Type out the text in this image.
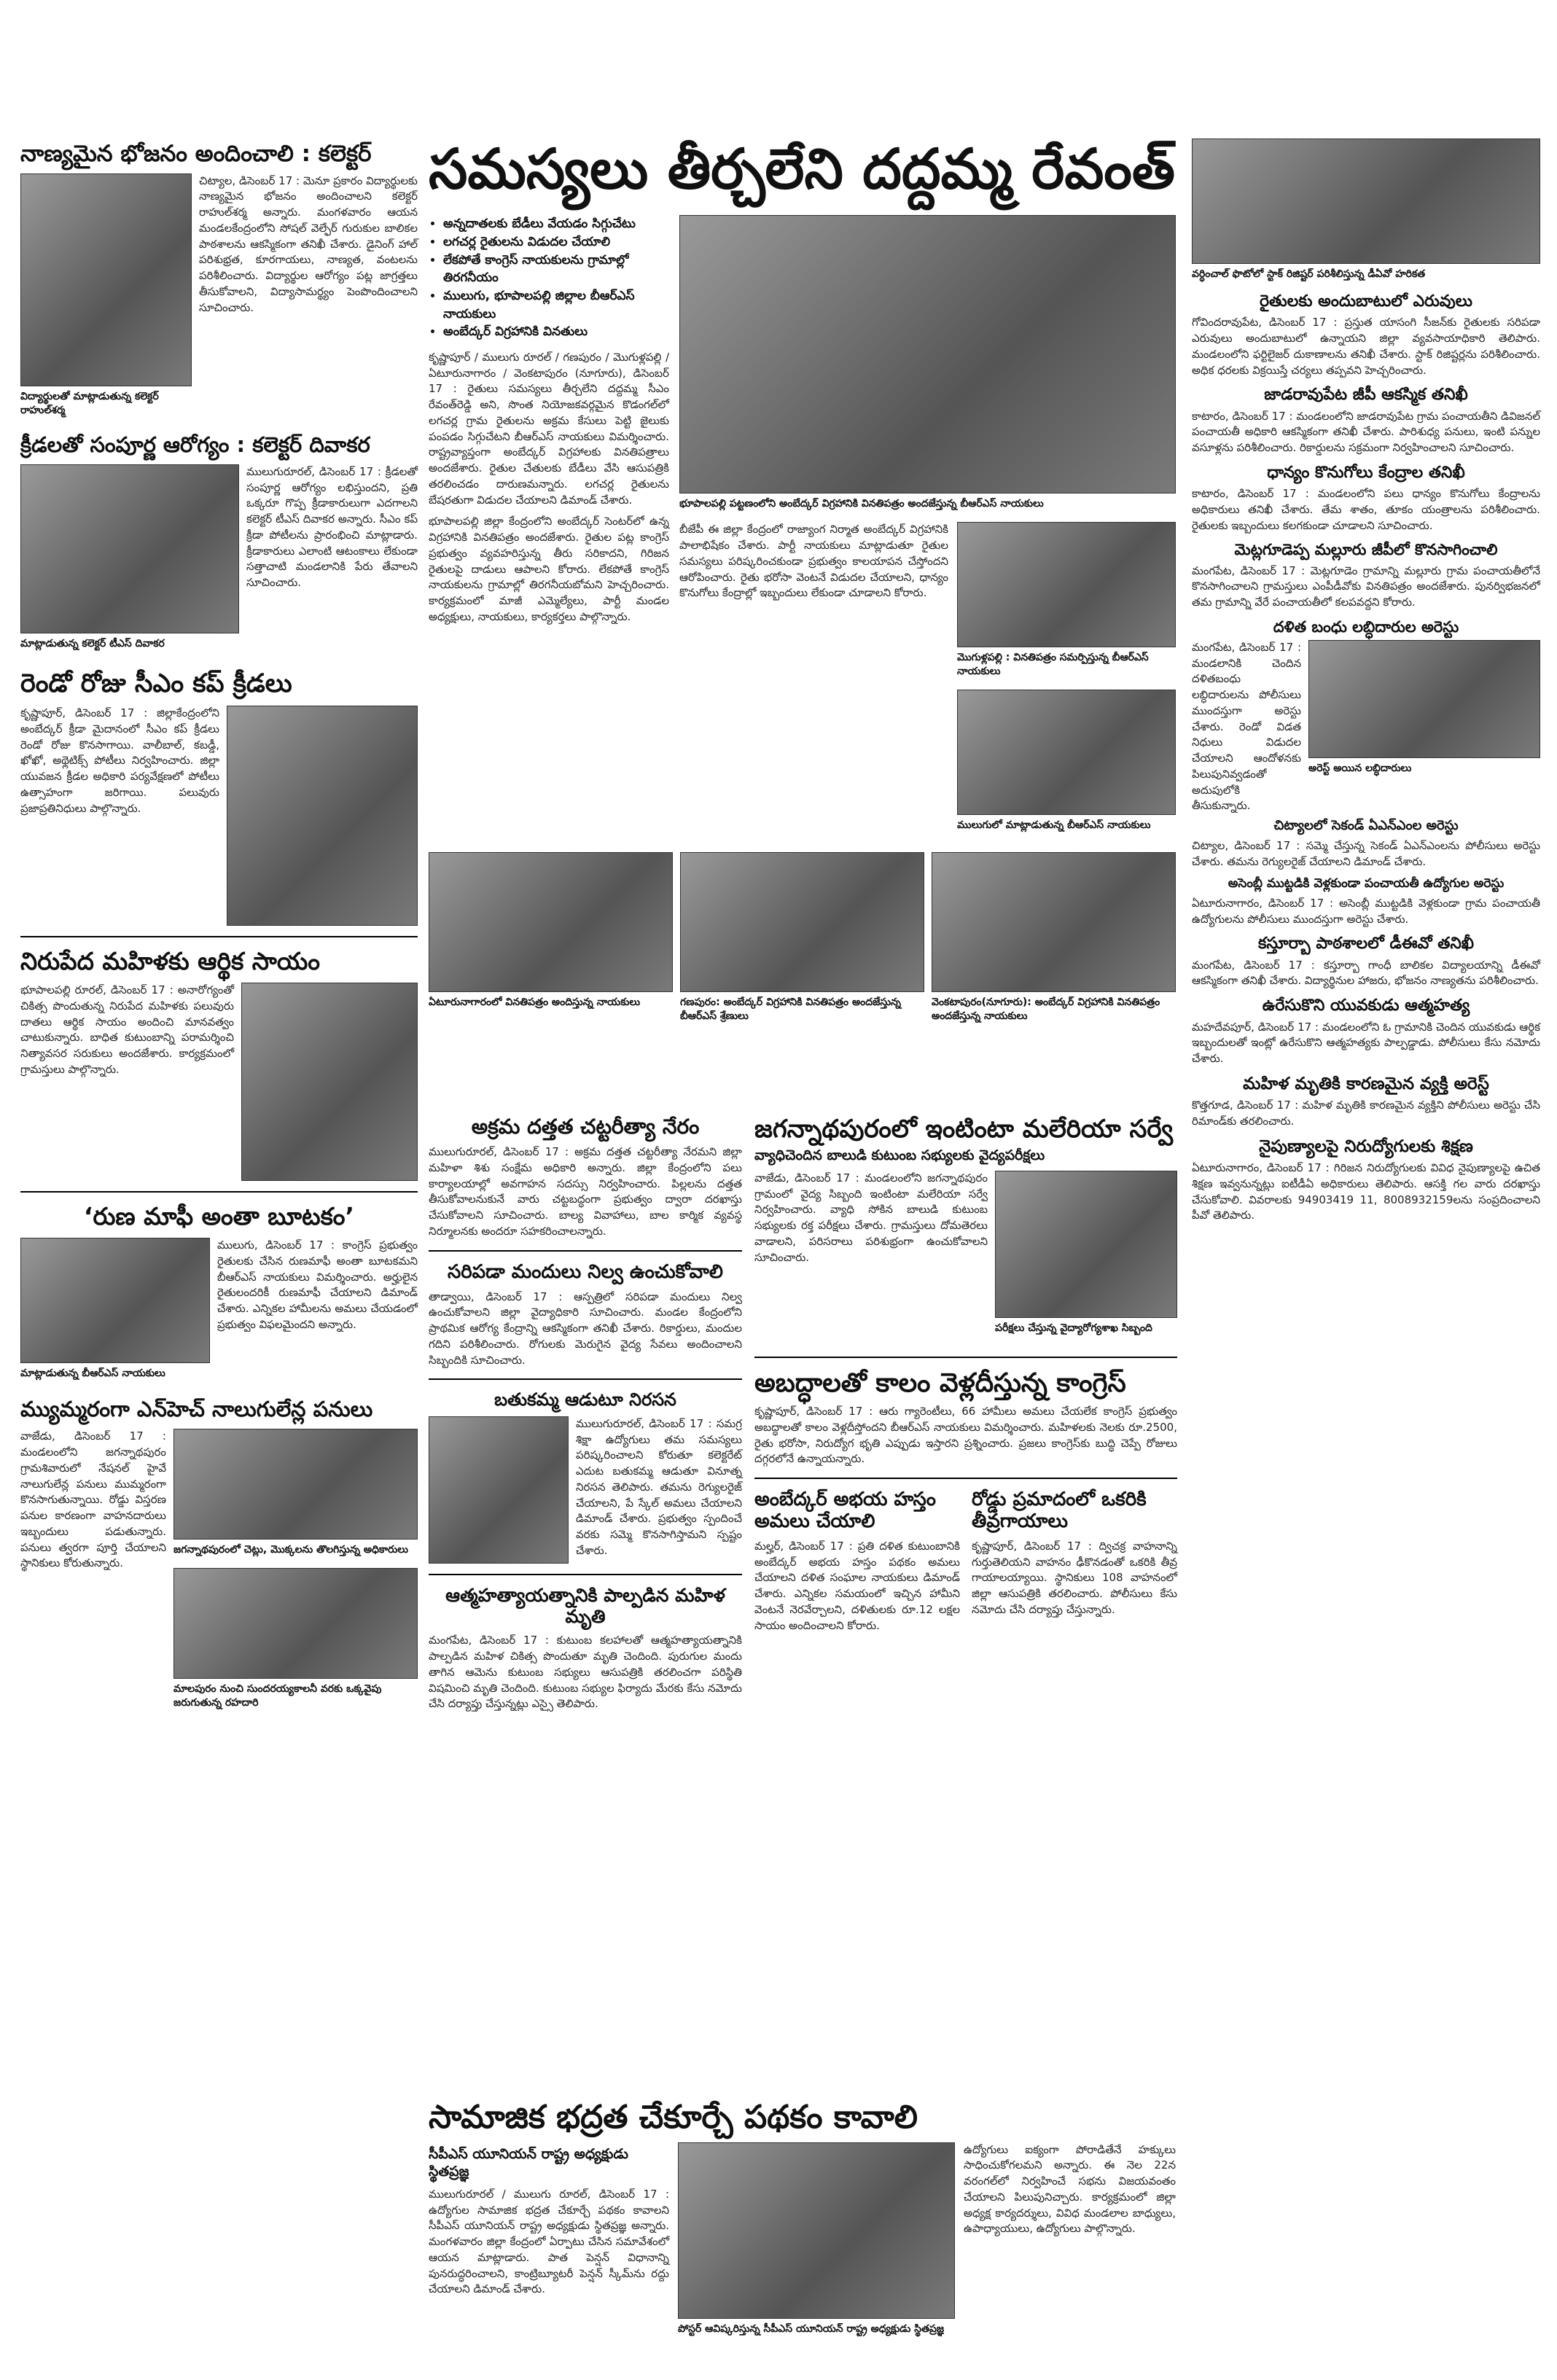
నాణ్యమైన భోజనం అందించాలి : కలెక్టర్
విద్యార్థులతో మాట్లాడుతున్న కలెక్టర్ రాహుల్‌శర్మ

చిట్యాల, డిసెంబర్ 17 : మెనూ ప్రకారం విద్యార్థులకు నాణ్యమైన భోజనం అందించాలని కలెక్టర్ రాహుల్‌శర్మ అన్నారు. మంగళవారం ఆయన మండలకేంద్రంలోని సోషల్ వెల్ఫేర్ గురుకుల బాలికల పాఠశాలను ఆకస్మికంగా తనిఖీ చేశారు. డైనింగ్ హాల్ పరిశుభ్రత, కూరగాయలు, నాణ్యత, వంటలను పరిశీలించారు. విద్యార్థుల ఆరోగ్యం పట్ల జాగ్రత్తలు తీసుకోవాలని, విద్యాసామర్థ్యం పెంపొందించాలని సూచించారు.

క్రీడలతో సంపూర్ణ ఆరోగ్యం : కలెక్టర్ దివాకర
మాట్లాడుతున్న కలెక్టర్ టీఎస్ దివాకర

ములుగురూరల్, డిసెంబర్ 17 : క్రీడలతో సంపూర్ణ ఆరోగ్యం లభిస్తుందని, ప్రతి ఒక్కరూ గొప్ప క్రీడాకారులుగా ఎదగాలని కలెక్టర్ టీఎస్ దివాకర అన్నారు. సీఎం కప్ క్రీడా పోటీలను ప్రారంభించి మాట్లాడారు. క్రీడాకారులు ఎలాంటి ఆటంకాలు లేకుండా సత్తాచాటి మండలానికి పేరు తేవాలని సూచించారు.

రెండో రోజు సీఎం కప్ క్రీడలు

కృష్ణాపూర్, డిసెంబర్ 17 : జిల్లాకేంద్రంలోని అంబేద్కర్ క్రీడా మైదానంలో సీఎం కప్ క్రీడలు రెండో రోజు కొనసాగాయి. వాలీబాల్, కబడ్డీ, ఖోఖో, అథ్లెటిక్స్ పోటీలు నిర్వహించారు. జిల్లా యువజన క్రీడల అధికారి పర్యవేక్షణలో పోటీలు ఉత్సాహంగా జరిగాయి. పలువురు ప్రజాప్రతినిధులు పాల్గొన్నారు.

నిరుపేద మహిళకు ఆర్థిక సాయం

భూపాలపల్లి రూరల్, డిసెంబర్ 17 : అనారోగ్యంతో చికిత్స పొందుతున్న నిరుపేద మహిళకు పలువురు దాతలు ఆర్థిక సాయం అందించి మానవత్వం చాటుకున్నారు. బాధిత కుటుంబాన్ని పరామర్శించి నిత్యావసర సరుకులు అందజేశారు. కార్యక్రమంలో గ్రామస్తులు పాల్గొన్నారు.

‘రుణ మాఫీ అంతా బూటకం’
మాట్లాడుతున్న బీఆర్ఎస్ నాయకులు

ములుగు, డిసెంబర్ 17 : కాంగ్రెస్ ప్రభుత్వం రైతులకు చేసిన రుణమాఫీ అంతా బూటకమని బీఆర్ఎస్ నాయకులు విమర్శించారు. అర్హులైన రైతులందరికీ రుణమాఫీ చేయాలని డిమాండ్ చేశారు. ఎన్నికల హామీలను అమలు చేయడంలో ప్రభుత్వం విఫలమైందని అన్నారు.

మ్యుమ్మరంగా ఎన్‌హెచ్ నాలుగులేన్ల పనులు

వాజేడు, డిసెంబర్ 17 : మండలంలోని జగన్నాథపురం గ్రామశివారులో నేషనల్ హైవే నాలుగులేన్ల పనులు ముమ్మరంగా కొనసాగుతున్నాయి. రోడ్డు విస్తరణ పనుల కారణంగా వాహనదారులు ఇబ్బందులు పడుతున్నారు. పనులు త్వరగా పూర్తి చేయాలని స్థానికులు కోరుతున్నారు.

జగన్నాథపురంలో చెట్లు, మొక్కలను తొలగిస్తున్న అధికారులు
మాలపురం నుంచి సుందరయ్యకాలనీ వరకు ఒక్కవైపు జరుగుతున్న రహదారి
సమస్యలు తీర్చలేని దద్దమ్మ రేవంత్
• అన్నదాతలకు బేడీలు వేయడం సిగ్గుచేటు
• లగచర్ల రైతులను విడుదల చేయాలి
• లేకపోతే కాంగ్రెస్ నాయకులను గ్రామాల్లో తిరగనీయం
• ములుగు, భూపాలపల్లి జిల్లాల బీఆర్ఎస్ నాయకులు
• అంబేద్కర్ విగ్రహానికి వినతులు

కృష్ణాపూర్ / ములుగు రూరల్ / గణపురం / మొగుళ్లపల్లి / ఏటూరునాగారం / వెంకటాపురం (నూగూరు), డిసెంబర్ 17 : రైతులు సమస్యలు తీర్చలేని దద్దమ్మ సీఎం రేవంత్‌రెడ్డి అని, సొంత నియోజకవర్గమైన కొడంగల్‌లో లగచర్ల గ్రామ రైతులను అక్రమ కేసులు పెట్టి జైలుకు పంపడం సిగ్గుచేటని బీఆర్ఎస్ నాయకులు విమర్శించారు. రాష్ట్రవ్యాప్తంగా అంబేద్కర్ విగ్రహాలకు వినతిపత్రాలు అందజేశారు. రైతుల చేతులకు బేడీలు వేసి ఆసుపత్రికి తరలించడం దారుణమన్నారు. లగచర్ల రైతులను బేషరతుగా విడుదల చేయాలని డిమాండ్ చేశారు.

భూపాలపల్లి జిల్లా కేంద్రంలోని అంబేద్కర్ సెంటర్‌లో ఉన్న విగ్రహానికి వినతిపత్రం అందజేశారు. రైతుల పట్ల కాంగ్రెస్ ప్రభుత్వం వ్యవహరిస్తున్న తీరు సరికాదని, గిరిజన రైతులపై దాడులు ఆపాలని కోరారు. లేకపోతే కాంగ్రెస్ నాయకులను గ్రామాల్లో తిరగనీయబోమని హెచ్చరించారు. కార్యక్రమంలో మాజీ ఎమ్మెల్యేలు, పార్టీ మండల అధ్యక్షులు, నాయకులు, కార్యకర్తలు పాల్గొన్నారు.

భూపాలపల్లి పట్టణంలోని అంబేద్కర్ విగ్రహానికి వినతిపత్రం అందజేస్తున్న బీఆర్ఎస్ నాయకులు

బీజేపీ ఈ జిల్లా కేంద్రంలో రాజ్యాంగ నిర్మాత అంబేద్కర్ విగ్రహానికి పాలాభిషేకం చేశారు. పార్టీ నాయకులు మాట్లాడుతూ రైతుల సమస్యలు పరిష్కరించకుండా ప్రభుత్వం కాలయాపన చేస్తోందని ఆరోపించారు. రైతు భరోసా వెంటనే విడుదల చేయాలని, ధాన్యం కొనుగోలు కేంద్రాల్లో ఇబ్బందులు లేకుండా చూడాలని కోరారు.

మొగుళ్లపల్లి : వినతిపత్రం సమర్పిస్తున్న బీఆర్ఎస్ నాయకులు
ములుగులో మాట్లాడుతున్న బీఆర్ఎస్ నాయకులు
ఏటూరునాగారంలో వినతిపత్రం అందిస్తున్న నాయకులు	గణపురం: అంబేద్కర్ విగ్రహానికి వినతిపత్రం అందజేస్తున్న బీఆర్ఎస్ శ్రేణులు
వెంకటాపురం(నూగూరు): అంబేద్కర్ విగ్రహానికి వినతిపత్రం అందజేస్తున్న నాయకులు
అక్రమ దత్తత చట్టరీత్యా నేరం

ములుగురూరల్, డిసెంబర్ 17 : అక్రమ దత్తత చట్టరీత్యా నేరమని జిల్లా మహిళా శిశు సంక్షేమ అధికారి అన్నారు. జిల్లా కేంద్రంలోని పలు కార్యాలయాల్లో అవగాహన సదస్సు నిర్వహించారు. పిల్లలను దత్తత తీసుకోవాలనుకునే వారు చట్టబద్ధంగా ప్రభుత్వం ద్వారా దరఖాస్తు చేసుకోవాలని సూచించారు. బాల్య వివాహాలు, బాల కార్మిక వ్యవస్థ నిర్మూలనకు అందరూ సహకరించాలన్నారు.

సరిపడా మందులు నిల్వ ఉంచుకోవాలి

తాడ్వాయి, డిసెంబర్ 17 : ఆస్పత్రిలో సరిపడా మందులు నిల్వ ఉంచుకోవాలని జిల్లా వైద్యాధికారి సూచించారు. మండల కేంద్రంలోని ప్రాథమిక ఆరోగ్య కేంద్రాన్ని ఆకస్మికంగా తనిఖీ చేశారు. రికార్డులు, మందుల గదిని పరిశీలించారు. రోగులకు మెరుగైన వైద్య సేవలు అందించాలని సిబ్బందికి సూచించారు.

బతుకమ్మ ఆడుటూ నిరసన

ములుగురూరల్, డిసెంబర్ 17 : సమగ్ర శిక్షా ఉద్యోగులు తమ సమస్యలు పరిష్కరించాలని కోరుతూ కలెక్టరేట్ ఎదుట బతుకమ్మ ఆడుతూ వినూత్న నిరసన తెలిపారు. తమను రెగ్యులరైజ్ చేయాలని, పే స్కేల్ అమలు చేయాలని డిమాండ్ చేశారు. ప్రభుత్వం స్పందించే వరకు సమ్మె కొనసాగిస్తామని స్పష్టం చేశారు.

ఆత్మహత్యాయత్నానికి పాల్పడిన మహిళ మృతి

మంగపేట, డిసెంబర్ 17 : కుటుంబ కలహాలతో ఆత్మహత్యాయత్నానికి పాల్పడిన మహిళ చికిత్స పొందుతూ మృతి చెందింది. పురుగుల మందు తాగిన ఆమెను కుటుంబ సభ్యులు ఆసుపత్రికి తరలించగా పరిస్థితి విషమించి మృతి చెందింది. కుటుంబ సభ్యుల ఫిర్యాదు మేరకు కేసు నమోదు చేసి దర్యాప్తు చేస్తున్నట్లు ఎస్సై తెలిపారు.

జగన్నాథపురంలో ఇంటింటా మలేరియా సర్వే
వ్యాధిచెందిన బాలుడి కుటుంబ సభ్యులకు వైద్యపరీక్షలు

వాజేడు, డిసెంబర్ 17 : మండలంలోని జగన్నాథపురం గ్రామంలో వైద్య సిబ్బంది ఇంటింటా మలేరియా సర్వే నిర్వహించారు. వ్యాధి సోకిన బాలుడి కుటుంబ సభ్యులకు రక్త పరీక్షలు చేశారు. గ్రామస్తులు దోమతెరలు వాడాలని, పరిసరాలు పరిశుభ్రంగా ఉంచుకోవాలని సూచించారు.

పరీక్షలు చేస్తున్న వైద్యారోగ్యశాఖ సిబ్బంది
అబద్ధాలతో కాలం వెళ్లదీస్తున్న కాంగ్రెస్

కృష్ణాపూర్, డిసెంబర్ 17 : ఆరు గ్యారెంటీలు, 66 హామీలు అమలు చేయలేక కాంగ్రెస్ ప్రభుత్వం అబద్ధాలతో కాలం వెళ్లదీస్తోందని బీఆర్ఎస్ నాయకులు విమర్శించారు. మహిళలకు నెలకు రూ.2500, రైతు భరోసా, నిరుద్యోగ భృతి ఎప్పుడు ఇస్తారని ప్రశ్నించారు. ప్రజలు కాంగ్రెస్‌కు బుద్ధి చెప్పే రోజులు దగ్గరలోనే ఉన్నాయన్నారు.

అంబేద్కర్ అభయ హస్తం అమలు చేయాలి

మల్హర్, డిసెంబర్ 17 : ప్రతి దళిత కుటుంబానికి అంబేద్కర్ అభయ హస్తం పథకం అమలు చేయాలని దళిత సంఘాల నాయకులు డిమాండ్ చేశారు. ఎన్నికల సమయంలో ఇచ్చిన హామీని వెంటనే నెరవేర్చాలని, దళితులకు రూ.12 లక్షల సాయం అందించాలని కోరారు.

రోడ్డు ప్రమాదంలో ఒకరికి తీవ్రగాయాలు

కృష్ణాపూర్, డిసెంబర్ 17 : ద్విచక్ర వాహనాన్ని గుర్తుతెలియని వాహనం ఢీకొనడంతో ఒకరికి తీవ్ర గాయాలయ్యాయి. స్థానికులు 108 వాహనంలో జిల్లా ఆసుపత్రికి తరలించారు. పోలీసులు కేసు నమోదు చేసి దర్యాప్తు చేస్తున్నారు.

వర్ధించాల్ ఫొటోలో స్టాక్ రిజిష్టర్ పరిశీలిస్తున్న డీఏవో హరికత
రైతులకు అందుబాటులో ఎరువులు

గోవిందరావుపేట, డిసెంబర్ 17 : ప్రస్తుత యాసంగి సీజన్‌కు రైతులకు సరిపడా ఎరువులు అందుబాటులో ఉన్నాయని జిల్లా వ్యవసాయాధికారి తెలిపారు. మండలంలోని ఫర్టిలైజర్ దుకాణాలను తనిఖీ చేశారు. స్టాక్ రిజిష్టర్లను పరిశీలించారు. అధిక ధరలకు విక్రయిస్తే చర్యలు తప్పవని హెచ్చరించారు.

జాడరావుపేట జీపీ ఆకస్మిక తనిఖీ

కాటారం, డిసెంబర్ 17 : మండలంలోని జాడరావుపేట గ్రామ పంచాయతీని డివిజనల్ పంచాయతీ అధికారి ఆకస్మికంగా తనిఖీ చేశారు. పారిశుధ్య పనులు, ఇంటి పన్నుల వసూళ్లను పరిశీలించారు. రికార్డులను సక్రమంగా నిర్వహించాలని సూచించారు.

ధాన్యం కొనుగోలు కేంద్రాల తనిఖీ

కాటారం, డిసెంబర్ 17 : మండలంలోని పలు ధాన్యం కొనుగోలు కేంద్రాలను అధికారులు తనిఖీ చేశారు. తేమ శాతం, తూకం యంత్రాలను పరిశీలించారు. రైతులకు ఇబ్బందులు కలగకుండా చూడాలని సూచించారు.

మెట్లగూడెప్ప మల్లూరు జీపీలో కొనసాగించాలి

మంగపేట, డిసెంబర్ 17 : మెట్లగూడెం గ్రామాన్ని మల్లూరు గ్రామ పంచాయతీలోనే కొనసాగించాలని గ్రామస్తులు ఎంపీడీవోకు వినతిపత్రం అందజేశారు. పునర్విభజనలో తమ గ్రామాన్ని వేరే పంచాయతీలో కలపవద్దని కోరారు.

దళిత బంధు లబ్ధిదారుల అరెస్టు

మంగపేట, డిసెంబర్ 17 : మండలానికి చెందిన దళితబంధు లబ్ధిదారులను పోలీసులు ముందస్తుగా అరెస్టు చేశారు. రెండో విడత నిధులు విడుదల చేయాలని ఆందోళనకు పిలుపునివ్వడంతో అదుపులోకి తీసుకున్నారు.

అరెస్ట్ అయిన లబ్ధిదారులు
చిట్యాలలో సెకండ్ ఏఎన్ఎంల అరెస్టు

చిట్యాల, డిసెంబర్ 17 : సమ్మె చేస్తున్న సెకండ్ ఏఎన్ఎంలను పోలీసులు అరెస్టు చేశారు. తమను రెగ్యులరైజ్ చేయాలని డిమాండ్ చేశారు.

అసెంబ్లీ ముట్టడికి వెళ్లకుండా పంచాయతీ ఉద్యోగుల అరెస్టు

ఏటూరునాగారం, డిసెంబర్ 17 : అసెంబ్లీ ముట్టడికి వెళ్లకుండా గ్రామ పంచాయతీ ఉద్యోగులను పోలీసులు ముందస్తుగా అరెస్టు చేశారు.

కస్తూర్బా పాఠశాలలో డీఈవో తనిఖీ

మంగపేట, డిసెంబర్ 17 : కస్తూర్బా గాంధీ బాలికల విద్యాలయాన్ని డీఈవో ఆకస్మికంగా తనిఖీ చేశారు. విద్యార్థినుల హాజరు, భోజనం నాణ్యతను పరిశీలించారు.

ఉరేసుకొని యువకుడు ఆత్మహత్య

మహదేవపూర్, డిసెంబర్ 17 : మండలంలోని ఓ గ్రామానికి చెందిన యువకుడు ఆర్థిక ఇబ్బందులతో ఇంట్లో ఉరేసుకొని ఆత్మహత్యకు పాల్పడ్డాడు. పోలీసులు కేసు నమోదు చేశారు.

మహిళ మృతికి కారణమైన వ్యక్తి అరెస్ట్

కొత్తగూడ, డిసెంబర్ 17 : మహిళ మృతికి కారణమైన వ్యక్తిని పోలీసులు అరెస్టు చేసి రిమాండ్‌కు తరలించారు.

నైపుణ్యాలపై నిరుద్యోగులకు శిక్షణ

ఏటూరునాగారం, డిసెంబర్ 17 : గిరిజన నిరుద్యోగులకు వివిధ నైపుణ్యాలపై ఉచిత శిక్షణ ఇవ్వనున్నట్లు ఐటీడీఏ అధికారులు తెలిపారు. ఆసక్తి గల వారు దరఖాస్తు చేసుకోవాలి. వివరాలకు 94903419 11, 8008932159లను సంప్రదించాలని పీవో తెలిపారు.

సామాజిక భద్రత చేకూర్చే పథకం కావాలి
సీపీఎస్ యూనియన్ రాష్ట్ర అధ్యక్షుడు స్థితప్రజ్ఞ

ములుగురూరల్ / ములుగు రూరల్, డిసెంబర్ 17 : ఉద్యోగుల సామాజిక భద్రత చేకూర్చే పథకం కావాలని సీపీఎస్ యూనియన్ రాష్ట్ర అధ్యక్షుడు స్థితప్రజ్ఞ అన్నారు. మంగళవారం జిల్లా కేంద్రంలో ఏర్పాటు చేసిన సమావేశంలో ఆయన మాట్లాడారు. పాత పెన్షన్ విధానాన్ని పునరుద్ధరించాలని, కాంట్రిబ్యూటరీ పెన్షన్ స్కీమ్‌ను రద్దు చేయాలని డిమాండ్ చేశారు.

పోస్టర్ ఆవిష్కరిస్తున్న సీపీఎస్ యూనియన్ రాష్ట్ర అధ్యక్షుడు స్థితప్రజ్ఞ

ఉద్యోగులు ఐక్యంగా పోరాడితేనే హక్కులు సాధించుకోగలమని అన్నారు. ఈ నెల 22న వరంగల్‌లో నిర్వహించే సభను విజయవంతం చేయాలని పిలుపునిచ్చారు. కార్యక్రమంలో జిల్లా అధ్యక్ష కార్యదర్శులు, వివిధ మండలాల బాధ్యులు, ఉపాధ్యాయులు, ఉద్యోగులు పాల్గొన్నారు.
